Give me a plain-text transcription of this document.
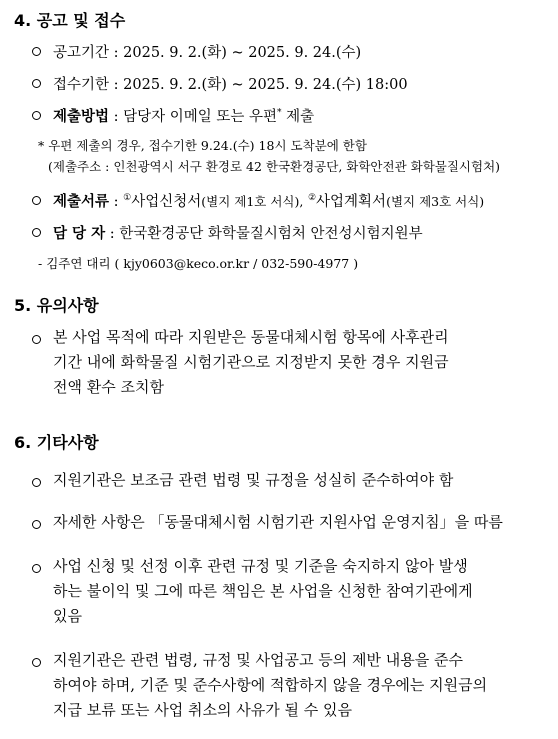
4. 공고 및 접수
공고기간 : 2025. 9. 2.(화) ~ 2025. 9. 24.(수)
접수기한 : 2025. 9. 2.(화) ~ 2025. 9. 24.(수) 18:00
제출방법 : 담당자 이메일 또는 우편* 제출
* 우편 제출의 경우, 접수기한 9.24.(수) 18시 도착분에 한함
(제출주소 : 인천광역시 서구 환경로 42 한국환경공단, 화학안전관 화학물질시험처)
제출서류 : ①사업신청서(별지 제1호 서식), ②사업계획서(별지 제3호 서식)
담 당 자 : 한국환경공단 화학물질시험처 안전성시험지원부
- 김주연 대리 ( kjy0603@keco.or.kr / 032-590-4977 )
5. 유의사항
본 사업 목적에 따라 지원받은 동물대체시험 항목에 사후관리
기간 내에 화학물질 시험기관으로 지정받지 못한 경우 지원금
전액 환수 조치함
6. 기타사항
지원기관은 보조금 관련 법령 및 규정을 성실히 준수하여야 함
자세한 사항은 「동물대체시험 시험기관 지원사업 운영지침」을 따름
사업 신청 및 선정 이후 관련 규정 및 기준을 숙지하지 않아 발생
하는 불이익 및 그에 따른 책임은 본 사업을 신청한 참여기관에게
있음
지원기관은 관련 법령, 규정 및 사업공고 등의 제반 내용을 준수
하여야 하며, 기준 및 준수사항에 적합하지 않을 경우에는 지원금의
지급 보류 또는 사업 취소의 사유가 될 수 있음
